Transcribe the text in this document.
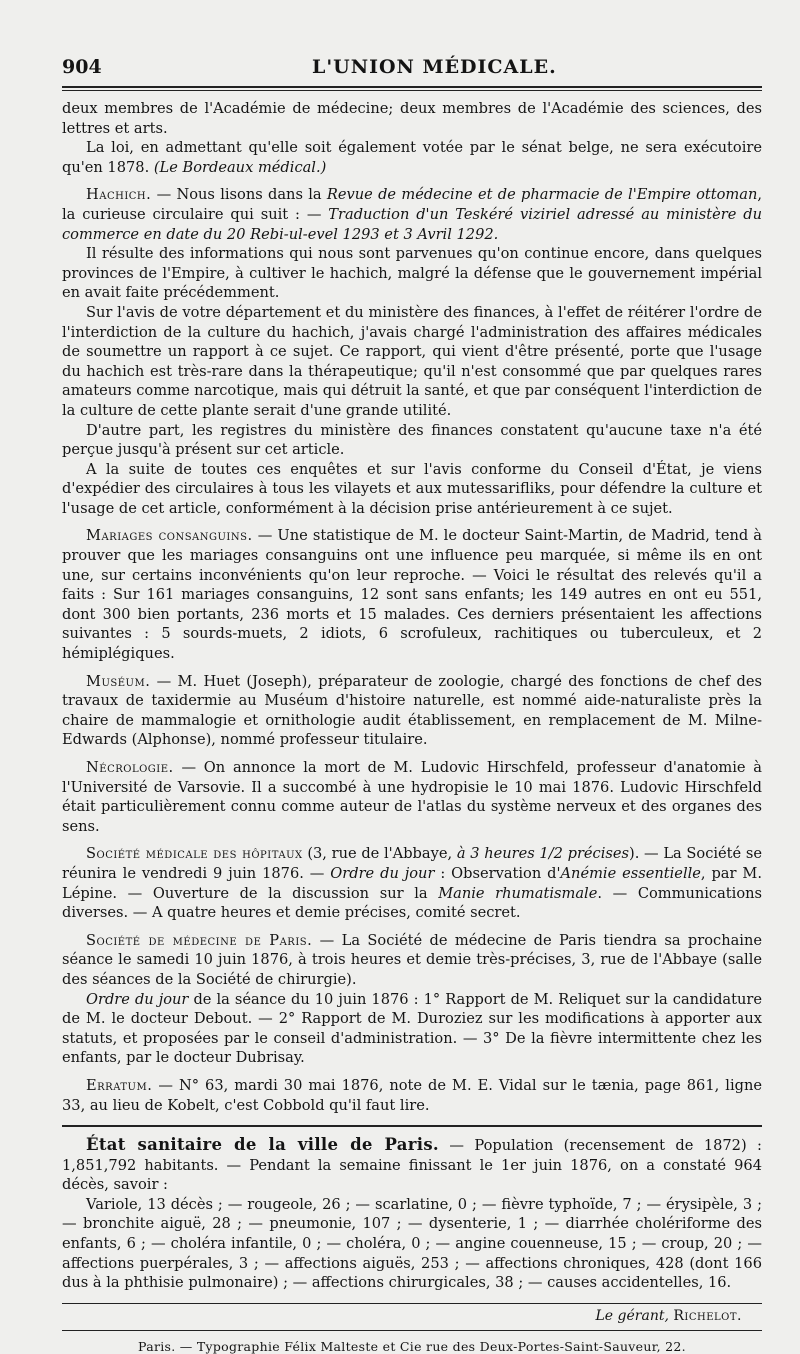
904	L'UNION MÉDICALE.

deux membres de l'Académie de médecine; deux membres de l'Académie des sciences, des lettres et arts.

La loi, en admettant qu'elle soit également votée par le sénat belge, ne sera exécutoire qu'en 1878. (Le Bordeaux médical.)

Hachich. — Nous lisons dans la Revue de médecine et de pharmacie de l'Empire ottoman, la curieuse circulaire qui suit : — Traduction d'un Teskéré viziriel adressé au ministère du commerce en date du 20 Rebi-ul-evel 1293 et 3 Avril 1292.

Il résulte des informations qui nous sont parvenues qu'on continue encore, dans quelques provinces de l'Empire, à cultiver le hachich, malgré la défense que le gouvernement impérial en avait faite précédemment.

Sur l'avis de votre département et du ministère des finances, à l'effet de réitérer l'ordre de l'interdiction de la culture du hachich, j'avais chargé l'administration des affaires médicales de soumettre un rapport à ce sujet. Ce rapport, qui vient d'être présenté, porte que l'usage du hachich est très-rare dans la thérapeutique; qu'il n'est consommé que par quelques rares amateurs comme narcotique, mais qui détruit la santé, et que par conséquent l'interdiction de la culture de cette plante serait d'une grande utilité.

D'autre part, les registres du ministère des finances constatent qu'aucune taxe n'a été perçue jusqu'à présent sur cet article.

A la suite de toutes ces enquêtes et sur l'avis conforme du Conseil d'État, je viens d'expédier des circulaires à tous les vilayets et aux mutessarifliks, pour défendre la culture et l'usage de cet article, conformément à la décision prise antérieurement à ce sujet.

Mariages consanguins. — Une statistique de M. le docteur Saint-Martin, de Madrid, tend à prouver que les mariages consanguins ont une influence peu marquée, si même ils en ont une, sur certains inconvénients qu'on leur reproche. — Voici le résultat des relevés qu'il a faits : Sur 161 mariages consanguins, 12 sont sans enfants; les 149 autres en ont eu 551, dont 300 bien portants, 236 morts et 15 malades. Ces derniers présentaient les affections suivantes : 5 sourds-muets, 2 idiots, 6 scrofuleux, rachitiques ou tuberculeux, et 2 hémiplégiques.

Muséum. — M. Huet (Joseph), préparateur de zoologie, chargé des fonctions de chef des travaux de taxidermie au Muséum d'histoire naturelle, est nommé aide-naturaliste près la chaire de mammalogie et ornithologie audit établissement, en remplacement de M. Milne-Edwards (Alphonse), nommé professeur titulaire.

Nécrologie. — On annonce la mort de M. Ludovic Hirschfeld, professeur d'anatomie à l'Université de Varsovie. Il a succombé à une hydropisie le 10 mai 1876. Ludovic Hirschfeld était particulièrement connu comme auteur de l'atlas du système nerveux et des organes des sens.

Société médicale des hôpitaux (3, rue de l'Abbaye, à 3 heures 1/2 précises). — La Société se réunira le vendredi 9 juin 1876. — Ordre du jour : Observation d'Anémie essentielle, par M. Lépine. — Ouverture de la discussion sur la Manie rhumatismale. — Communications diverses. — A quatre heures et demie précises, comité secret.

Société de médecine de Paris. — La Société de médecine de Paris tiendra sa prochaine séance le samedi 10 juin 1876, à trois heures et demie très-précises, 3, rue de l'Abbaye (salle des séances de la Société de chirurgie).

Ordre du jour de la séance du 10 juin 1876 : 1° Rapport de M. Reliquet sur la candidature de M. le docteur Debout. — 2° Rapport de M. Duroziez sur les modifications à apporter aux statuts, et proposées par le conseil d'administration. — 3° De la fièvre intermittente chez les enfants, par le docteur Dubrisay.

Erratum. — N° 63, mardi 30 mai 1876, note de M. E. Vidal sur le tænia, page 861, ligne 33, au lieu de Kobelt, c'est Cobbold qu'il faut lire.

État sanitaire de la ville de Paris. — Population (recensement de 1872) : 1,851,792 habitants. — Pendant la semaine finissant le 1er juin 1876, on a constaté 964 décès, savoir :

Variole, 13 décès ; — rougeole, 26 ; — scarlatine, 0 ; — fièvre typhoïde, 7 ; — érysipèle, 3 ; — bronchite aiguë, 28 ; — pneumonie, 107 ; — dysenterie, 1 ; — diarrhée cholériforme des enfants, 6 ; — choléra infantile, 0 ; — choléra, 0 ; — angine couenneuse, 15 ; — croup, 20 ; — affections puerpérales, 3 ; — affections aiguës, 253 ; — affections chroniques, 428 (dont 166 dus à la phthisie pulmonaire) ; — affections chirurgicales, 38 ; — causes accidentelles, 16.

Le gérant, Richelot.
Paris. — Typographie Félix Malteste et Cie rue des Deux-Portes-Saint-Sauveur, 22.
